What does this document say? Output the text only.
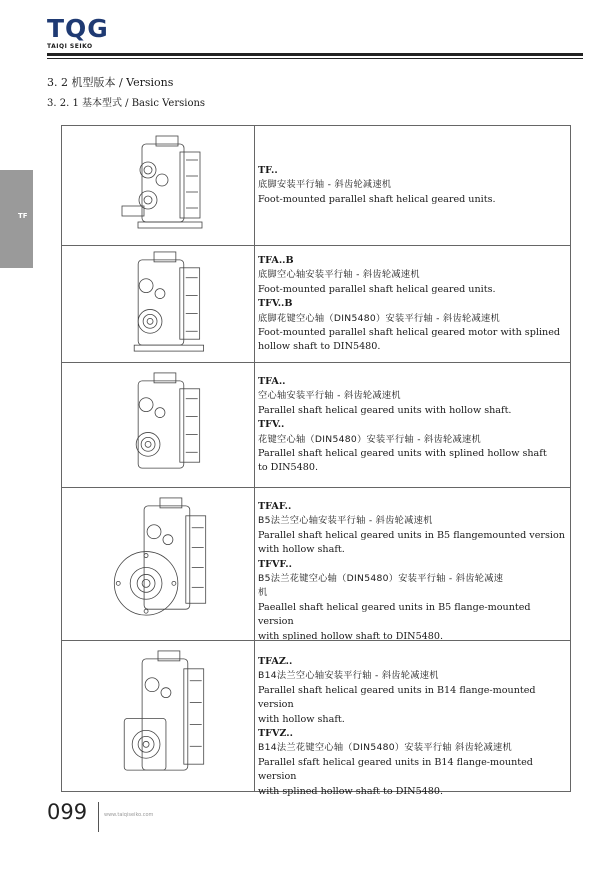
TQG
TAIQI SEIKO
3. 2 机型版本 / Versions
3. 2. 1 基本型式 / Basic Versions
TF
TF..
底脚安装平行轴 - 斜齿轮减速机
Foot-mounted parallel shaft helical geared units.
TFA..B
底脚空心轴安装平行轴 - 斜齿轮减速机
Foot-mounted parallel shaft helical geared units.
TFV..B
底脚花键空心轴（DIN5480）安装平行轴 - 斜齿轮减速机
Foot-mounted parallel shaft helical geared motor with splined
hollow shaft to DIN5480.
TFA..
空心轴安装平行轴 - 斜齿轮减速机
Parallel shaft helical geared units with hollow shaft.
TFV..
花键空心轴（DIN5480）安装平行轴 - 斜齿轮减速机
Parallel shaft helical geared units with splined hollow shaft
to DIN5480.
TFAF..
B5法兰空心轴安装平行轴 - 斜齿轮减速机
Parallel shaft helical geared units in B5 flangemounted version
with hollow shaft.
TFVF..
B5法兰花键空心轴（DIN5480）安装平行轴 - 斜齿轮减速
机
Paeallel shaft helical geared units in B5 flange-mounted version
with splined hollow shaft to DIN5480.
TFAZ..
B14法兰空心轴安装平行轴 - 斜齿轮减速机
Parallel shaft helical geared units in B14 flange-mounted version
with hollow shaft.
TFVZ..
B14法兰花键空心轴（DIN5480）安装平行轴 斜齿轮减速机
Parallel sfaft helical geared units in B14 flange-mounted wersion
with splined hollow shaft to DIN5480.
099	www.taiqiseiko.com
